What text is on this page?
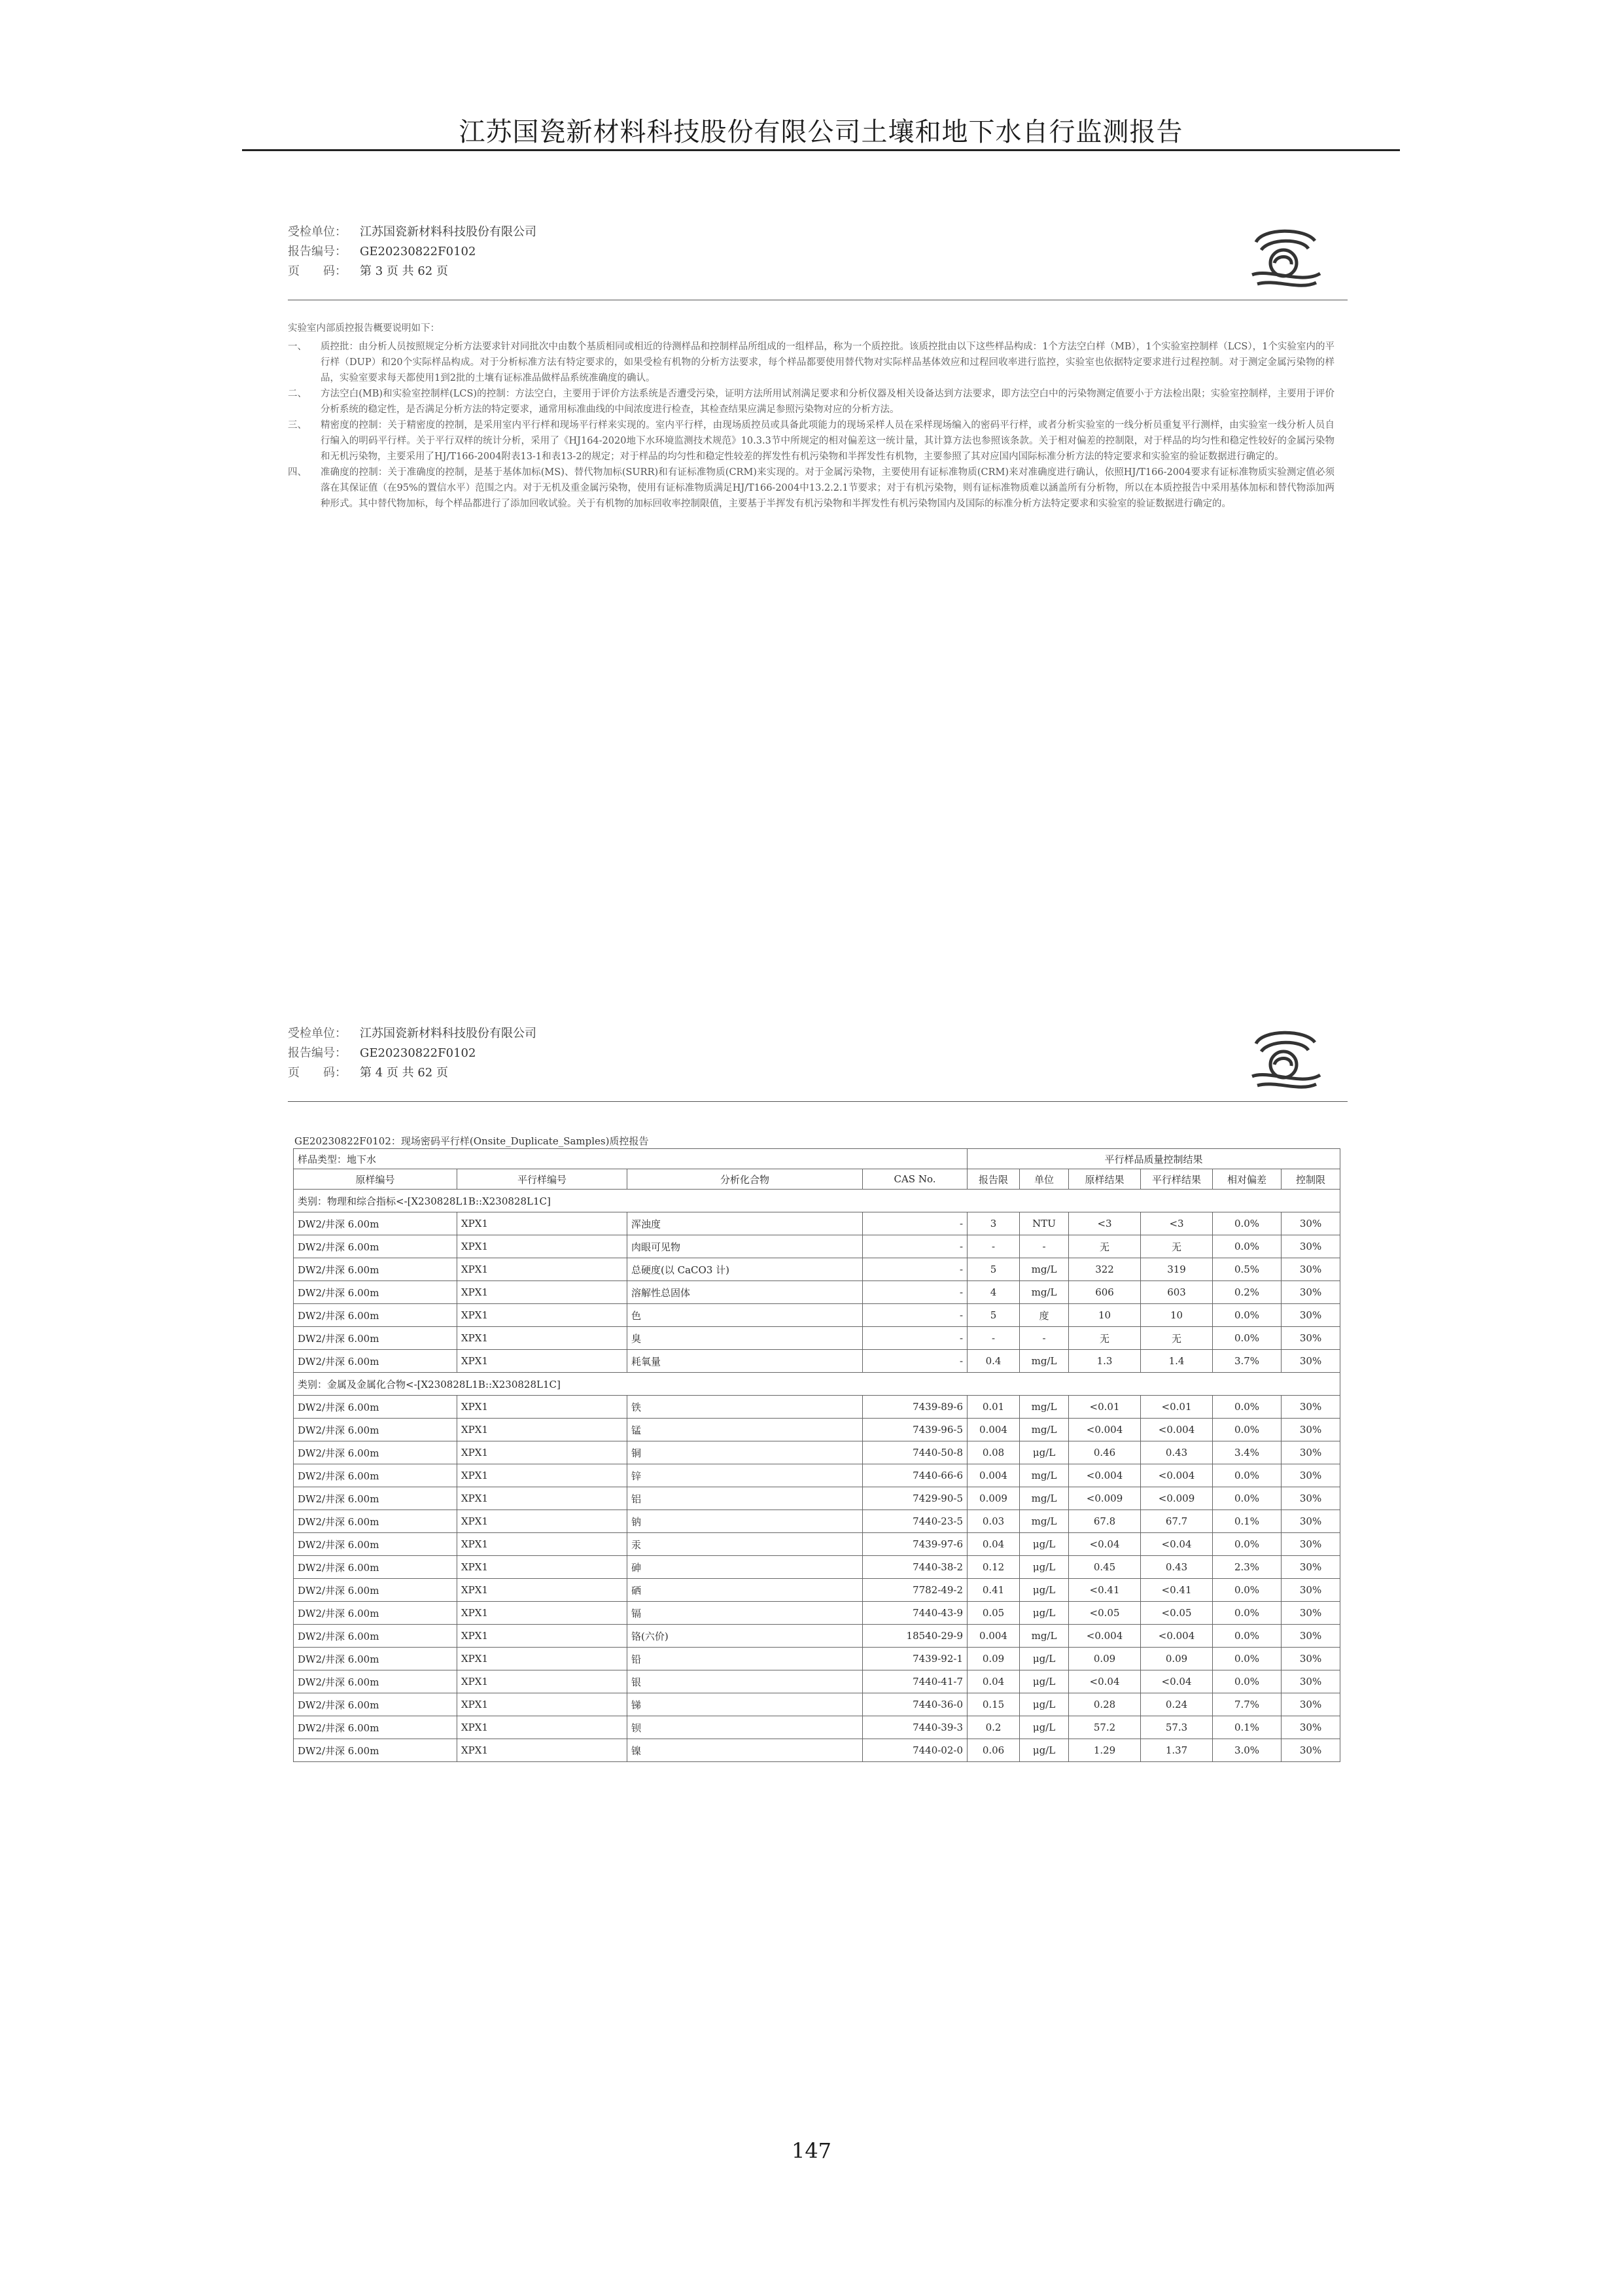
江苏国瓷新材料科技股份有限公司土壤和地下水自行监测报告
受检单位：	江苏国瓷新材料科技股份有限公司
报告编号：	GE20230822F0102
页　　码：	第 3 页 共 62 页
实验室内部质控报告概要说明如下：
一、	质控批：由分析人员按照规定分析方法要求针对同批次中由数个基质相同或相近的待测样品和控制样品所组成的一组样品，称为一个质控批。该质控批由以下这些样品构成：1个方法空白样（MB），1个实验室控制样（LCS），1个实验室内的平行样（DUP）和20个实际样品构成。对于分析标准方法有特定要求的，如果受检有机物的分析方法要求，每个样品都要使用替代物对实际样品基体效应和过程回收率进行监控，实验室也依据特定要求进行过程控制。对于测定金属污染物的样品，实验室要求每天都使用1到2批的土壤有证标准品做样品系统准确度的确认。
二、	方法空白(MB)和实验室控制样(LCS)的控制：方法空白，主要用于评价方法系统是否遭受污染，证明方法所用试剂满足要求和分析仪器及相关设备达到方法要求，即方法空白中的污染物测定值要小于方法检出限；实验室控制样，主要用于评价分析系统的稳定性，是否满足分析方法的特定要求，通常用标准曲线的中间浓度进行检查，其检查结果应满足参照污染物对应的分析方法。
三、	精密度的控制：关于精密度的控制，是采用室内平行样和现场平行样来实现的。室内平行样，由现场质控员或具备此项能力的现场采样人员在采样现场编入的密码平行样，或者分析实验室的一线分析员重复平行测样，由实验室一线分析人员自行编入的明码平行样。关于平行双样的统计分析，采用了《HJ164-2020地下水环境监测技术规范》10.3.3节中所规定的相对偏差这一统计量，其计算方法也参照该条款。关于相对偏差的控制限，对于样品的均匀性和稳定性较好的金属污染物和无机污染物，主要采用了HJ/T166-2004附表13-1和表13-2的规定；对于样品的均匀性和稳定性较差的挥发性有机污染物和半挥发性有机物，主要参照了其对应国内国际标准分析方法的特定要求和实验室的验证数据进行确定的。
四、	准确度的控制：关于准确度的控制，是基于基体加标(MS)、替代物加标(SURR)和有证标准物质(CRM)来实现的。对于金属污染物，主要使用有证标准物质(CRM)来对准确度进行确认，依照HJ/T166-2004要求有证标准物质实验测定值必须落在其保证值（在95%的置信水平）范围之内。对于无机及重金属污染物，使用有证标准物质满足HJ/T166-2004中13.2.2.1节要求；对于有机污染物，则有证标准物质难以涵盖所有分析物，所以在本质控报告中采用基体加标和替代物添加两种形式。其中替代物加标，每个样品都进行了添加回收试验。关于有机物的加标回收率控制限值，主要基于半挥发有机污染物和半挥发性有机污染物国内及国际的标准分析方法特定要求和实验室的验证数据进行确定的。
受检单位：	江苏国瓷新材料科技股份有限公司
报告编号：	GE20230822F0102
页　　码：	第 4 页 共 62 页
GE20230822F0102：现场密码平行样(Onsite_Duplicate_Samples)质控报告
样品类型：地下水				平行样品质量控制结果					
原样编号	平行样编号	分析化合物	CAS No.	报告限	单位	原样结果	平行样结果	相对偏差	控制限
类别：物理和综合指标<-[X230828L1B::X230828L1C]									
DW2/井深 6.00m	XPX1	浑浊度	-	3	NTU	<3	<3	0.0%	30%
DW2/井深 6.00m	XPX1	肉眼可见物	-	-	-	无	无	0.0%	30%
DW2/井深 6.00m	XPX1	总硬度(以 CaCO3 计)	-	5	mg/L	322	319	0.5%	30%
DW2/井深 6.00m	XPX1	溶解性总固体	-	4	mg/L	606	603	0.2%	30%
DW2/井深 6.00m	XPX1	色	-	5	度	10	10	0.0%	30%
DW2/井深 6.00m	XPX1	臭	-	-	-	无	无	0.0%	30%
DW2/井深 6.00m	XPX1	耗氧量	-	0.4	mg/L	1.3	1.4	3.7%	30%
类别：金属及金属化合物<-[X230828L1B::X230828L1C]									
DW2/井深 6.00m	XPX1	铁	7439-89-6	0.01	mg/L	<0.01	<0.01	0.0%	30%
DW2/井深 6.00m	XPX1	锰	7439-96-5	0.004	mg/L	<0.004	<0.004	0.0%	30%
DW2/井深 6.00m	XPX1	铜	7440-50-8	0.08	μg/L	0.46	0.43	3.4%	30%
DW2/井深 6.00m	XPX1	锌	7440-66-6	0.004	mg/L	<0.004	<0.004	0.0%	30%
DW2/井深 6.00m	XPX1	铝	7429-90-5	0.009	mg/L	<0.009	<0.009	0.0%	30%
DW2/井深 6.00m	XPX1	钠	7440-23-5	0.03	mg/L	67.8	67.7	0.1%	30%
DW2/井深 6.00m	XPX1	汞	7439-97-6	0.04	μg/L	<0.04	<0.04	0.0%	30%
DW2/井深 6.00m	XPX1	砷	7440-38-2	0.12	μg/L	0.45	0.43	2.3%	30%
DW2/井深 6.00m	XPX1	硒	7782-49-2	0.41	μg/L	<0.41	<0.41	0.0%	30%
DW2/井深 6.00m	XPX1	镉	7440-43-9	0.05	μg/L	<0.05	<0.05	0.0%	30%
DW2/井深 6.00m	XPX1	铬(六价)	18540-29-9	0.004	mg/L	<0.004	<0.004	0.0%	30%
DW2/井深 6.00m	XPX1	铅	7439-92-1	0.09	μg/L	0.09	0.09	0.0%	30%
DW2/井深 6.00m	XPX1	银	7440-41-7	0.04	μg/L	<0.04	<0.04	0.0%	30%
DW2/井深 6.00m	XPX1	锑	7440-36-0	0.15	μg/L	0.28	0.24	7.7%	30%
DW2/井深 6.00m	XPX1	钡	7440-39-3	0.2	μg/L	57.2	57.3	0.1%	30%
DW2/井深 6.00m	XPX1	镍	7440-02-0	0.06	μg/L	1.29	1.37	3.0%	30%
147
